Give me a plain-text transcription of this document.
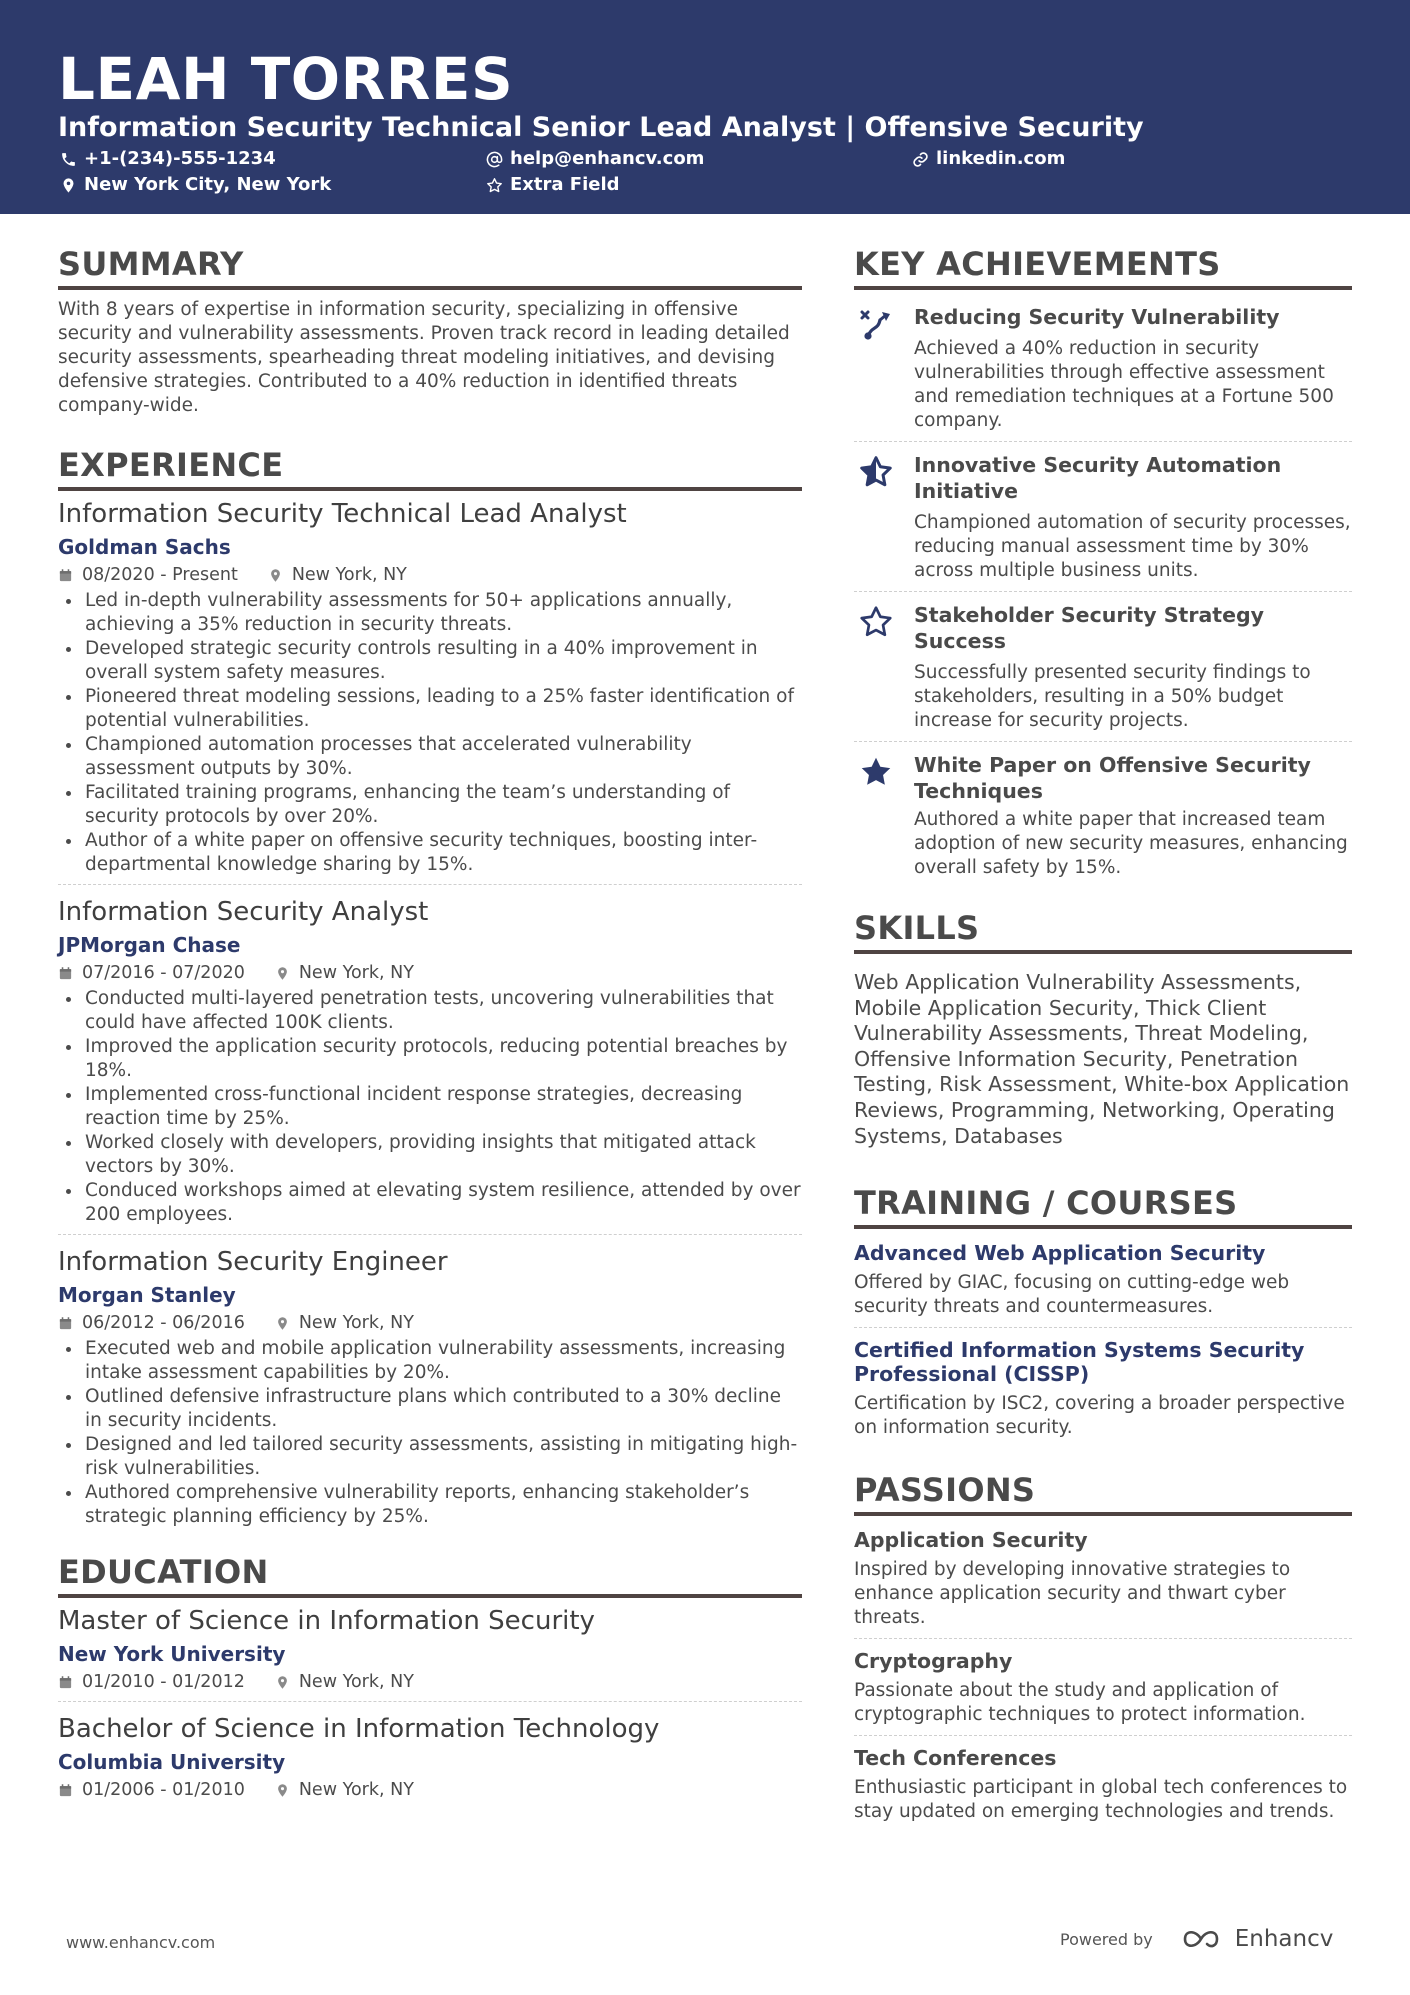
LEAH TORRES
Information Security Technical Senior Lead Analyst | Offensive Security
+1-(234)-555-1234	help@enhancv.com	linkedin.com
New York City, New York	Extra Field
SUMMARY
With 8 years of expertise in information security, specializing in offensive security and vulnerability assessments. Proven track record in leading detailed security assessments, spearheading threat modeling initiatives, and devising defensive strategies. Contributed to a 40% reduction in identified threats company-wide.
EXPERIENCE
Information Security Technical Lead Analyst
Goldman Sachs
08/2020 - Present	New York, NY
Led in-depth vulnerability assessments for 50+ applications annually, achieving a 35% reduction in security threats.
Developed strategic security controls resulting in a 40% improvement in overall system safety measures.
Pioneered threat modeling sessions, leading to a 25% faster identification of potential vulnerabilities.
Championed automation processes that accelerated vulnerability assessment outputs by 30%.
Facilitated training programs, enhancing the team’s understanding of security protocols by over 20%.
Author of a white paper on offensive security techniques, boosting inter-departmental knowledge sharing by 15%.
Information Security Analyst
JPMorgan Chase
07/2016 - 07/2020	New York, NY
Conducted multi-layered penetration tests, uncovering vulnerabilities that could have affected 100K clients.
Improved the application security protocols, reducing potential breaches by 18%.
Implemented cross-functional incident response strategies, decreasing reaction time by 25%.
Worked closely with developers, providing insights that mitigated attack vectors by 30%.
Conduced workshops aimed at elevating system resilience, attended by over 200 employees.
Information Security Engineer
Morgan Stanley
06/2012 - 06/2016	New York, NY
Executed web and mobile application vulnerability assessments, increasing intake assessment capabilities by 20%.
Outlined defensive infrastructure plans which contributed to a 30% decline in security incidents.
Designed and led tailored security assessments, assisting in mitigating high-risk vulnerabilities.
Authored comprehensive vulnerability reports, enhancing stakeholder’s strategic planning efficiency by 25%.
EDUCATION
Master of Science in Information Security
New York University
01/2010 - 01/2012	New York, NY
Bachelor of Science in Information Technology
Columbia University
01/2006 - 01/2010	New York, NY
KEY ACHIEVEMENTS
Reducing Security Vulnerability
Achieved a 40% reduction in security vulnerabilities through effective assessment and remediation techniques at a Fortune 500 company.
Innovative Security Automation Initiative
Championed automation of security processes, reducing manual assessment time by 30% across multiple business units.
Stakeholder Security Strategy Success
Successfully presented security findings to stakeholders, resulting in a 50% budget increase for security projects.
White Paper on Offensive Security Techniques
Authored a white paper that increased team adoption of new security measures, enhancing overall safety by 15%.
SKILLS
Web Application Vulnerability Assessments, Mobile Application Security, Thick Client Vulnerability Assessments, Threat Modeling, Offensive Information Security, Penetration Testing, Risk Assessment, White-box Application Reviews, Programming, Networking, Operating Systems, Databases
TRAINING / COURSES
Advanced Web Application Security
Offered by GIAC, focusing on cutting-edge web security threats and countermeasures.
Certified Information Systems Security Professional (CISSP)
Certification by ISC2, covering a broader perspective on information security.
PASSIONS
Application Security
Inspired by developing innovative strategies to enhance application security and thwart cyber threats.
Cryptography
Passionate about the study and application of cryptographic techniques to protect information.
Tech Conferences
Enthusiastic participant in global tech conferences to stay updated on emerging technologies and trends.
www.enhancv.com	Powered by	Enhancv
